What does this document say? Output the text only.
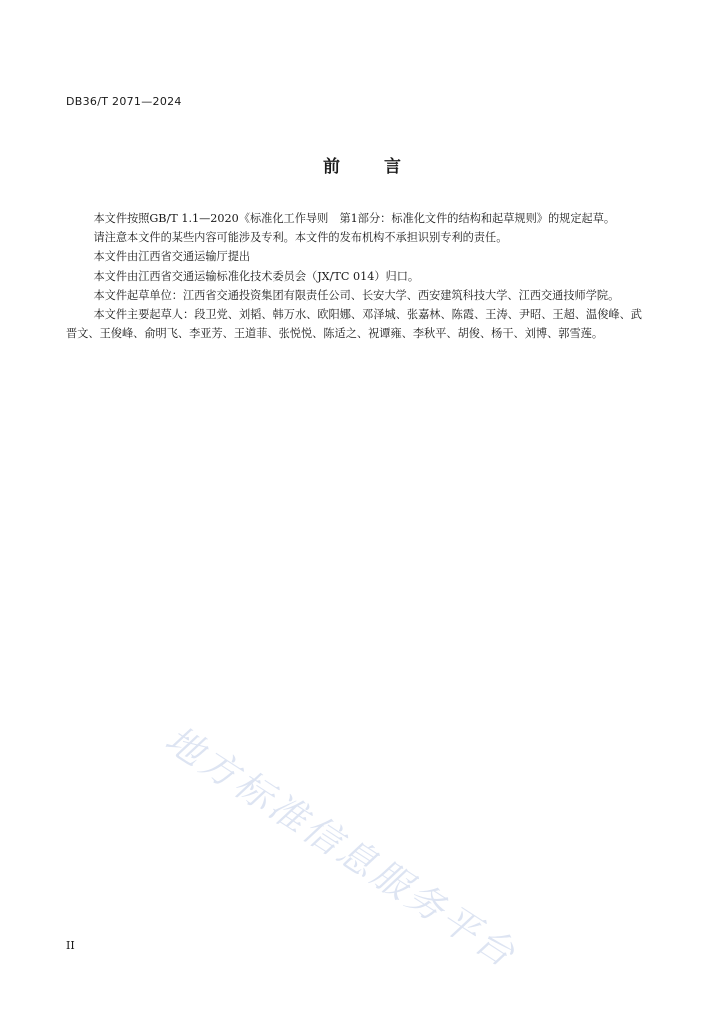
DB36/T 2071—2024
前 言

本文件按照GB/T 1.1—2020《标准化工作导则　第1部分：标准化文件的结构和起草规则》的规定起草。

请注意本文件的某些内容可能涉及专利。本文件的发布机构不承担识别专利的责任。

本文件由江西省交通运输厅提出

本文件由江西省交通运输标准化技术委员会（JX/TC 014）归口。

本文件起草单位：江西省交通投资集团有限责任公司、长安大学、西安建筑科技大学、江西交通技师学院。

本文件主要起草人：段卫党、刘韬、韩万水、欧阳娜、邓泽城、张嘉林、陈霞、王涛、尹昭、王超、温俊峰、武晋文、王俊峰、俞明飞、李亚芳、王道菲、张悦悦、陈适之、祝谭雍、李秋平、胡俊、杨干、刘博、郭雪莲。

地方标准信息服务平台
II
